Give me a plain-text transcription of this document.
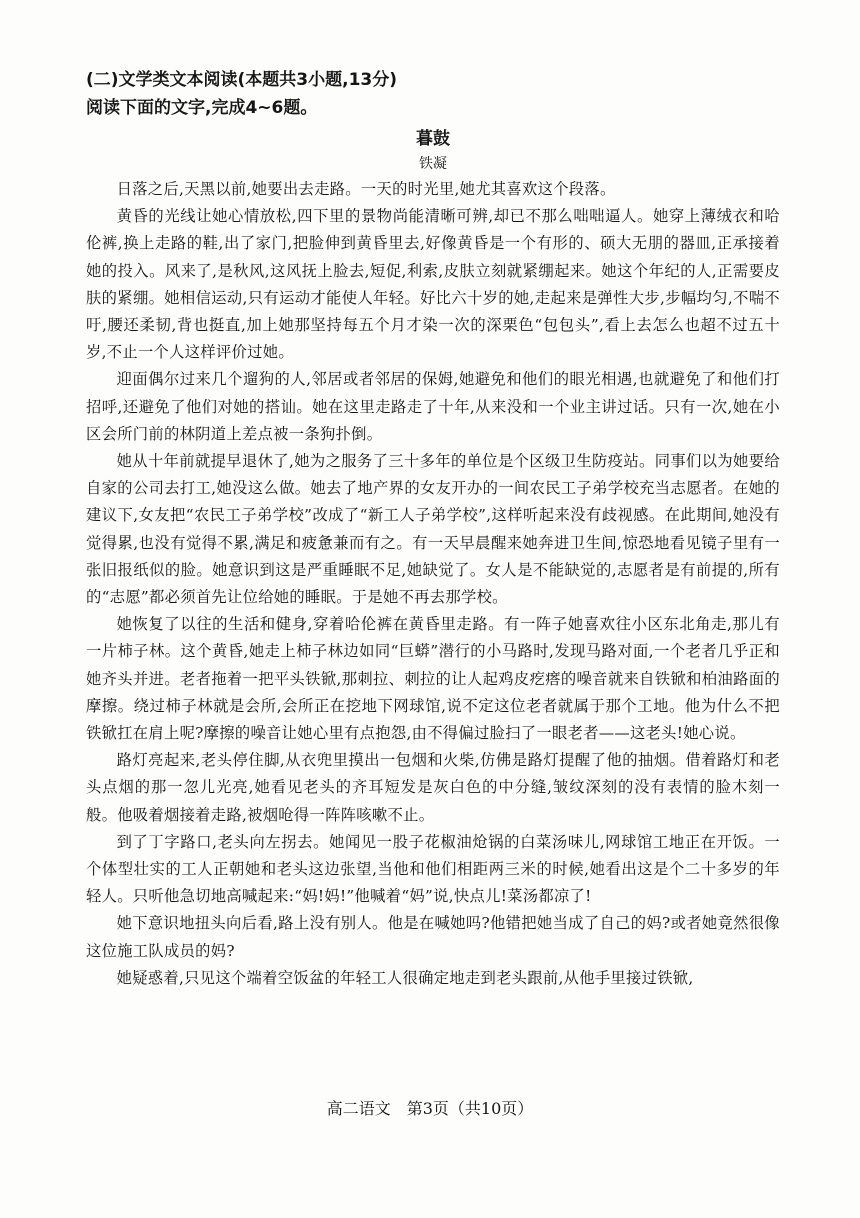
(二)文学类文本阅读(本题共3小题,13分)

阅读下面的文字,完成4~6题。

暮鼓

铁凝

日落之后,天黑以前,她要出去走路。一天的时光里,她尤其喜欢这个段落。

黄昏的光线让她心情放松,四下里的景物尚能清晰可辨,却已不那么咄咄逼人。她穿上薄绒衣和哈伦裤,换上走路的鞋,出了家门,把脸伸到黄昏里去,好像黄昏是一个有形的、硕大无朋的器皿,正承接着她的投入。风来了,是秋风,这风抚上脸去,短促,利索,皮肤立刻就紧绷起来。她这个年纪的人,正需要皮肤的紧绷。她相信运动,只有运动才能使人年轻。好比六十岁的她,走起来是弹性大步,步幅均匀,不喘不吁,腰还柔韧,背也挺直,加上她那坚持每五个月才染一次的深栗色“包包头”,看上去怎么也超不过五十岁,不止一个人这样评价过她。

迎面偶尔过来几个遛狗的人,邻居或者邻居的保姆,她避免和他们的眼光相遇,也就避免了和他们打招呼,还避免了他们对她的搭讪。她在这里走路走了十年,从来没和一个业主讲过话。只有一次,她在小区会所门前的林阴道上差点被一条狗扑倒。

她从十年前就提早退休了,她为之服务了三十多年的单位是个区级卫生防疫站。同事们以为她要给自家的公司去打工,她没这么做。她去了地产界的女友开办的一间农民工子弟学校充当志愿者。在她的建议下,女友把“农民工子弟学校”改成了“新工人子弟学校”,这样听起来没有歧视感。在此期间,她没有觉得累,也没有觉得不累,满足和疲惫兼而有之。有一天早晨醒来她奔进卫生间,惊恐地看见镜子里有一张旧报纸似的脸。她意识到这是严重睡眠不足,她缺觉了。女人是不能缺觉的,志愿者是有前提的,所有的“志愿”都必须首先让位给她的睡眠。于是她不再去那学校。

她恢复了以往的生活和健身,穿着哈伦裤在黄昏里走路。有一阵子她喜欢往小区东北角走,那儿有一片柿子林。这个黄昏,她走上柿子林边如同“巨蟒”潜行的小马路时,发现马路对面,一个老者几乎正和她齐头并进。老者拖着一把平头铁锨,那刺拉、刺拉的让人起鸡皮疙瘩的噪音就来自铁锨和柏油路面的摩擦。绕过柿子林就是会所,会所正在挖地下网球馆,说不定这位老者就属于那个工地。他为什么不把铁锨扛在肩上呢?摩擦的噪音让她心里有点抱怨,由不得偏过脸扫了一眼老者——这老头!她心说。

路灯亮起来,老头停住脚,从衣兜里摸出一包烟和火柴,仿佛是路灯提醒了他的抽烟。借着路灯和老头点烟的那一忽儿光亮,她看见老头的齐耳短发是灰白色的中分缝,皱纹深刻的没有表情的脸木刻一般。他吸着烟接着走路,被烟呛得一阵阵咳嗽不止。

到了丁字路口,老头向左拐去。她闻见一股子花椒油炝锅的白菜汤味儿,网球馆工地正在开饭。一个体型壮实的工人正朝她和老头这边张望,当他和他们相距两三米的时候,她看出这是个二十多岁的年轻人。只听他急切地高喊起来:“妈!妈!”他喊着“妈”说,快点儿!菜汤都凉了!

她下意识地扭头向后看,路上没有别人。他是在喊她吗?他错把她当成了自己的妈?或者她竟然很像这位施工队成员的妈?

她疑惑着,只见这个端着空饭盆的年轻工人很确定地走到老头跟前,从他手里接过铁锨,

高二语文　第3页（共10页）
